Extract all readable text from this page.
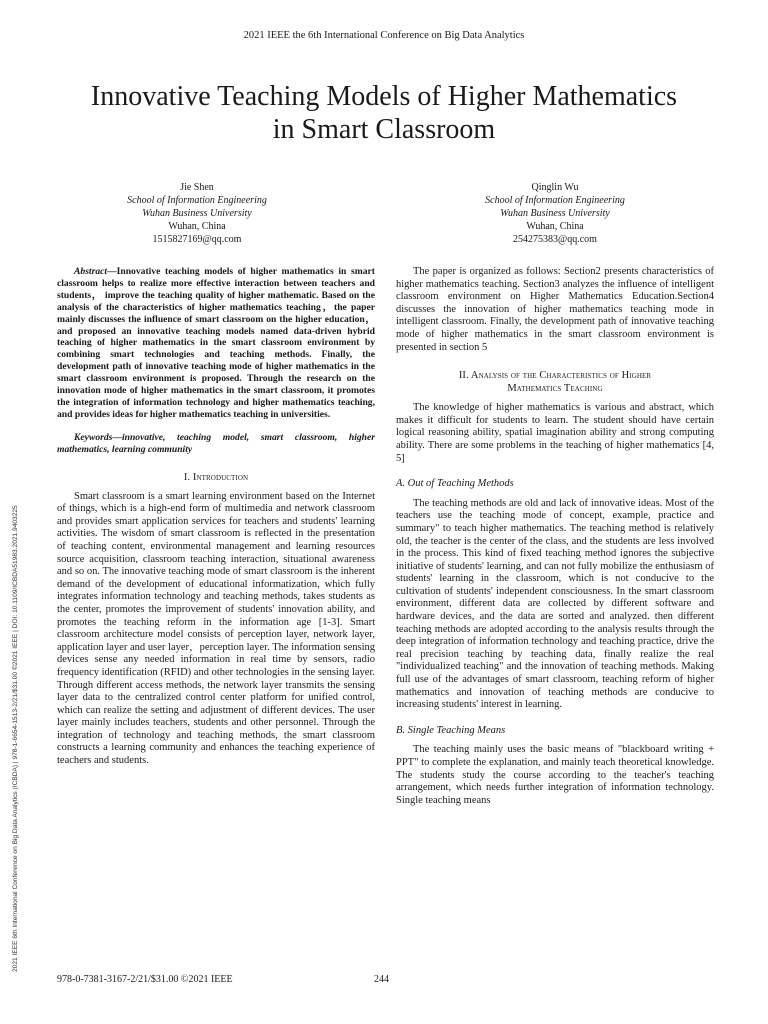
2021 IEEE the 6th International Conference on Big Data Analytics
2021 IEEE 6th International Conference on Big Data Analytics (ICBDA) | 978-1-6654-1513-2/21/$31.00 ©2021 IEEE | DOI: 10.1109/ICBDA51983.2021.9403225
Innovative Teaching Models of Higher Mathematics
in Smart Classroom
Jie Shen
School of Information Engineering
Wuhan Business University
Wuhan, China
1515827169@qq.com
Qinglin Wu
School of Information Engineering
Wuhan Business University
Wuhan, China
254275383@qq.com

Abstract—Innovative teaching models of higher mathematics in smart classroom helps to realize more effective interaction between teachers and students， improve the teaching quality of higher mathematic. Based on the analysis of the characteristics of higher mathematics teaching，the paper mainly discusses the influence of smart classroom on the higher education， and proposed an innovative teaching models named data-driven hybrid teaching of higher mathematics in the smart classroom environment by combining smart technologies and teaching methods. Finally, the development path of innovative teaching mode of higher mathematics in the smart classroom environment is proposed. Through the research on the innovation mode of higher mathematics in the smart classroom, it promotes the integration of information technology and higher mathematics teaching, and provides ideas for higher mathematics teaching in universities.

Keywords—innovative, teaching model, smart classroom, higher mathematics, learning community

I. Introduction

Smart classroom is a smart learning environment based on the Internet of things, which is a high-end form of multimedia and network classroom and provides smart application services for teachers and students' learning activities. The wisdom of smart classroom is reflected in the presentation of teaching content, environmental management and learning resources source acquisition, classroom teaching interaction, situational awareness and so on. The innovative teaching mode of smart classroom is the inherent demand of the development of educational informatization, which fully integrates information technology and teaching methods, takes students as the center, promotes the improvement of students' innovation ability, and promotes the teaching reform in the information age [1-3]. Smart classroom architecture model consists of perception layer, network layer, application layer and user layer，perception layer. The information sensing devices sense any needed information in real time by sensors, radio frequency identification (RFID) and other technologies in the sensing layer. Through different access methods, the network layer transmits the sensing layer data to the centralized control center platform for unified control, which can realize the setting and adjustment of different devices. The user layer mainly includes teachers, students and other personnel. Through the integration of technology and teaching methods, the smart classroom constructs a learning community and enhances the teaching experience of teachers and students.

The paper is organized as follows: Section2 presents characteristics of higher mathematics teaching. Section3 analyzes the influence of intelligent classroom environment on Higher Mathematics Education.Section4 discusses the innovation of higher mathematics teaching mode in intelligent classroom. Finally, the development path of innovative teaching mode of higher mathematics in the smart classroom environment is presented in section 5

II. Analysis of the Characteristics of Higher
Mathematics Teaching

The knowledge of higher mathematics is various and abstract, which makes it difficult for students to learn. The student should have certain logical reasoning ability, spatial imagination ability and strong computing ability. There are some problems in the teaching of higher mathematics [4, 5]

A. Out of Teaching Methods

The teaching methods are old and lack of innovative ideas. Most of the teachers use the teaching mode of concept, example, practice and summary" to teach higher mathematics. The teaching method is relatively old, the teacher is the center of the class, and the students are less involved in the process. This kind of fixed teaching method ignores the subjective initiative of students' learning, and can not fully mobilize the enthusiasm of students' learning in the classroom, which is not conducive to the cultivation of students' independent consciousness. In the smart classroom environment, different data are collected by different software and hardware devices, and the data are sorted and analyzed. then different teaching methods are adopted according to the analysis results through the deep integration of information technology and teaching practice, drive the real precision teaching by teaching data, finally realize the real "individualized teaching" and the innovation of teaching methods. Making full use of the advantages of smart classroom, teaching reform of higher mathematics and innovation of teaching methods are conducive to increasing students' interest in learning.

B. Single Teaching Means

The teaching mainly uses the basic means of "blackboard writing + PPT" to complete the explanation, and mainly teach theoretical knowledge. The students study the course according to the teacher's teaching arrangement, which needs further integration of information technology. Single teaching means

978-0-7381-3167-2/21/$31.00 ©2021 IEEE	244
